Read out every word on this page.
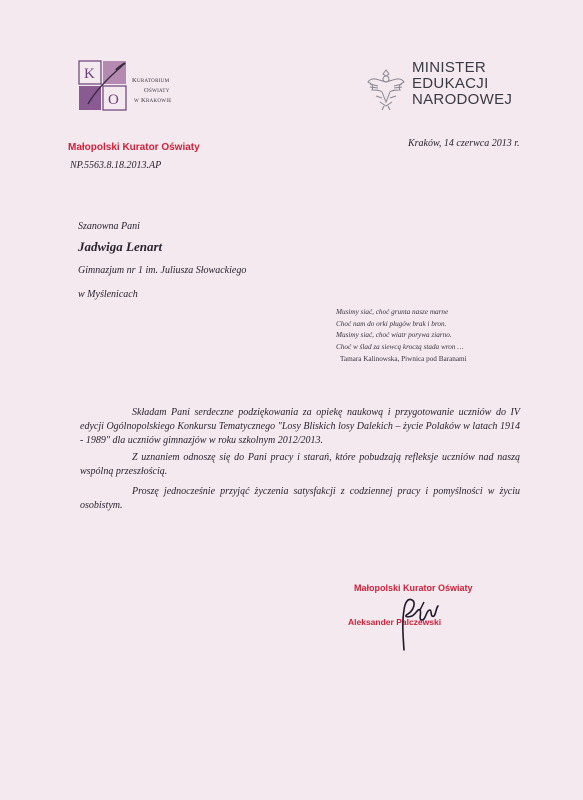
K
O
Kuratorium
Oświaty
w Krakowie
MINISTER
EDUKACJI
NARODOWEJ
Małopolski Kurator Oświaty
NP.5563.8.18.2013.AP
Kraków, 14 czerwca 2013 r.
Szanowna Pani
Jadwiga Lenart
Gimnazjum nr 1 im. Juliusza Słowackiego
w Myślenicach
Musimy siać, choć grunta nasze marne
Choć nam do orki pługów brak i bron.
Musimy siać, choć wiatr porywa ziarno.
Choć w ślad za siewcą kroczą stada wron …
Tamara Kalinowska, Piwnica pod Baranami

Składam Pani serdeczne podziękowania za opiekę naukową i przygotowanie uczniów do IV edycji Ogólnopolskiego Konkursu Tematycznego "Losy Bliskich losy Dalekich – życie Polaków w latach 1914 - 1989" dla uczniów gimnazjów w roku szkolnym 2012/2013.

Z uznaniem odnoszę się do Pani pracy i starań, które pobudzają refleksje uczniów nad naszą wspólną przeszłością.

Proszę jednocześnie przyjąć życzenia satysfakcji z codziennej pracy i pomyślności w życiu osobistym.

Małopolski Kurator Oświaty
Aleksander Palczewski
